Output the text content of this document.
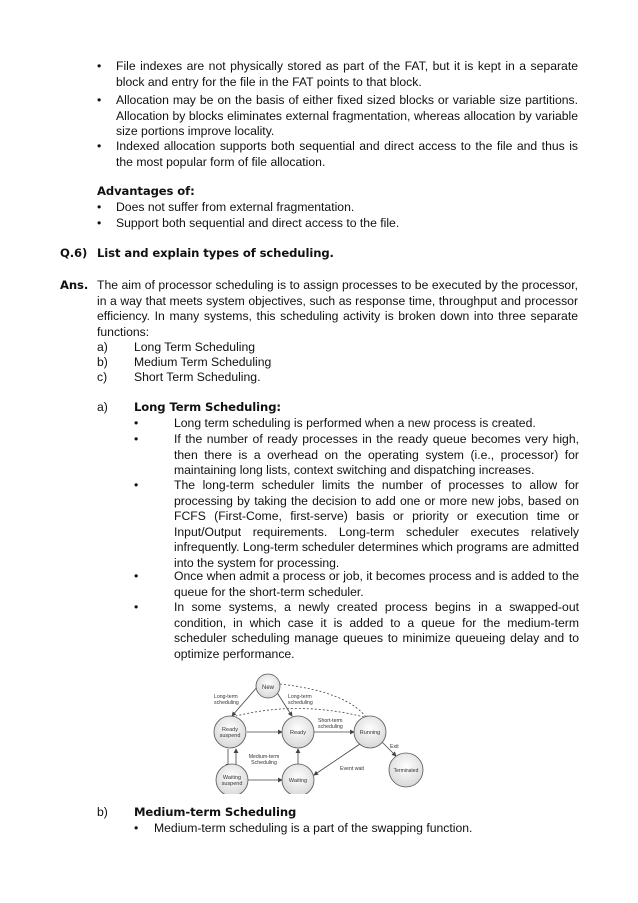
• File indexes are not physically stored as part of the FAT, but it is kept in a separate block and entry for the file in the FAT points to that block.
• Allocation may be on the basis of either fixed sized blocks or variable size partitions. Allocation by blocks eliminates external fragmentation, whereas allocation by variable size portions improve locality.
• Indexed allocation supports both sequential and direct access to the file and thus is the most popular form of file allocation.
Advantages of:
• Does not suffer from external fragmentation.
• Support both sequential and direct access to the file.
Q.6) List and explain types of scheduling.
Ans. The aim of processor scheduling is to assign processes to be executed by the processor, in a way that meets system objectives, such as response time, throughput and processor efficiency. In many systems, this scheduling activity is broken down into three separate functions:
a) Long Term Scheduling
b) Medium Term Scheduling
c) Short Term Scheduling.
a) Long Term Scheduling:
•	Long term scheduling is performed when a new process is created.
•	If the number of ready processes in the ready queue becomes very high, then there is a overhead on the operating system (i.e., processor) for maintaining long lists, context switching and dispatching increases.
•	The long-term scheduler limits the number of processes to allow for processing by taking the decision to add one or more new jobs, based on FCFS (First-Come, first-serve) basis or priority or execution time or Input/Output requirements. Long-term scheduler executes relatively infrequently. Long-term scheduler determines which programs are admitted into the system for processing.
•	Once when admit a process or job, it becomes process and is added to the queue for the short-term scheduler.
•	In some systems, a newly created process begins in a swapped-out condition, in which case it is added to a queue for the medium-term scheduler scheduling manage queues to minimize queueing delay and to optimize performance.
New
Ready
suspend	Ready	Running
Terminated
Waiting
suspend	Waiting
Long-term
scheduling
Long-term
scheduling
Short-term
scheduling
Medium-term
Scheduling
Exit
Event wait
b) Medium-term Scheduling
• Medium-term scheduling is a part of the swapping function.
